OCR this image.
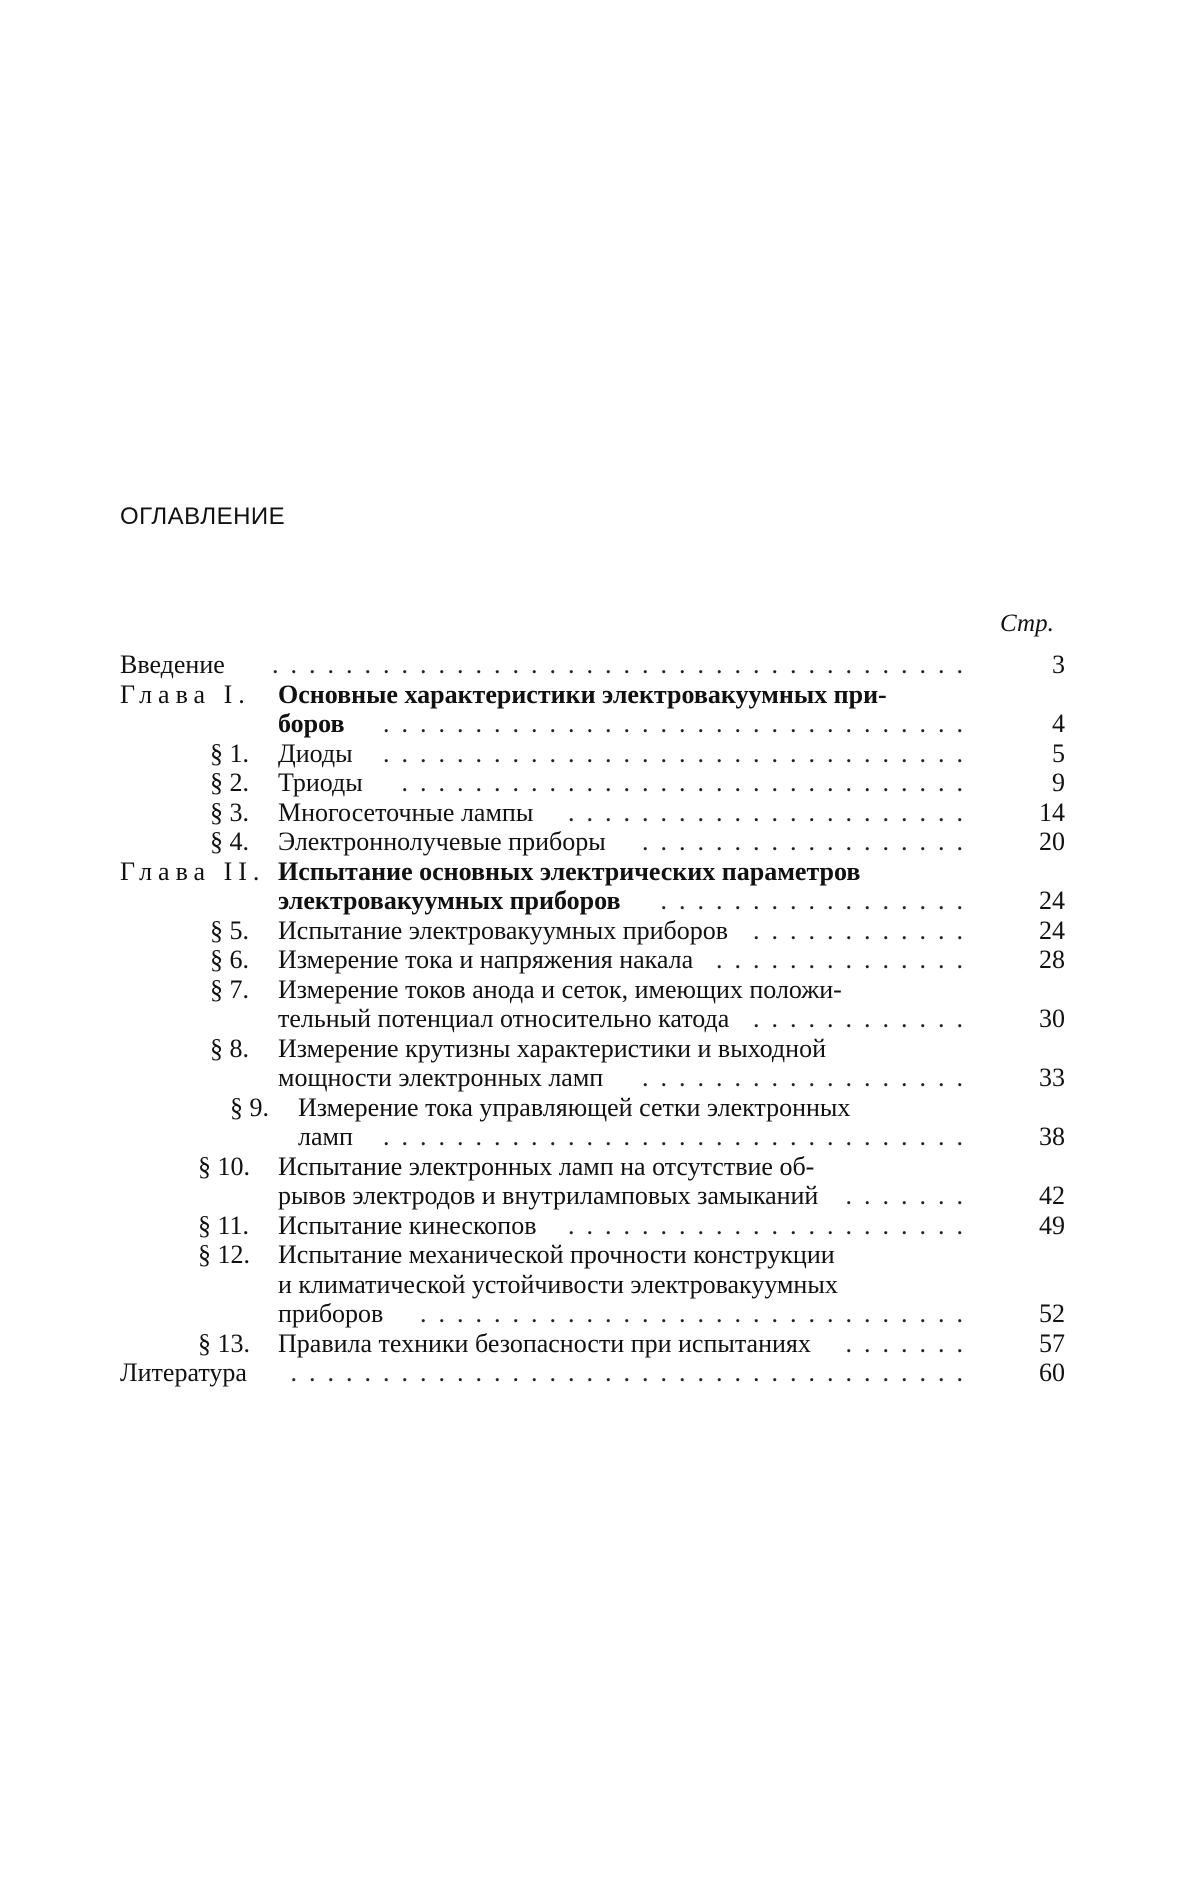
ОГЛАВЛЕНИЕ
Стр.
Введение	......................................	3
Глава I. Основные характеристики электровакуумных при-
боров	................................	4
§ 1. Диоды	................................	5
§ 2. Триоды	...............................	9
§ 3. Многосеточные лампы	......................	14
§ 4. Электроннолучевые приборы	..................	20
Глава II. Испытание основных электрических параметров
электровакуумных приборов	.................	24
§ 5. Испытание электровакуумных приборов ............	24
§ 6. Измерение тока и напряжения накала ..............	28
§ 7. Измерение токов анода и сеток, имеющих положи-
тельный потенциал относительно катода ............	30
§ 8. Измерение крутизны характеристики и выходной
мощности электронных ламп	..................	33
§ 9. Измерение тока управляющей сетки электронных
ламп	................................	38
§ 10. Испытание электронных ламп на отсутствие об-
рывов электродов и внутриламповых замыканий	.......	42
§ 11. Испытание кинескопов	......................	49
§ 12. Испытание механической прочности конструкции
и климатической устойчивости электровакуумных
приборов	..............................	52
§ 13. Правила техники безопасности при испытаниях	.......	57
Литература	.....................................	60
